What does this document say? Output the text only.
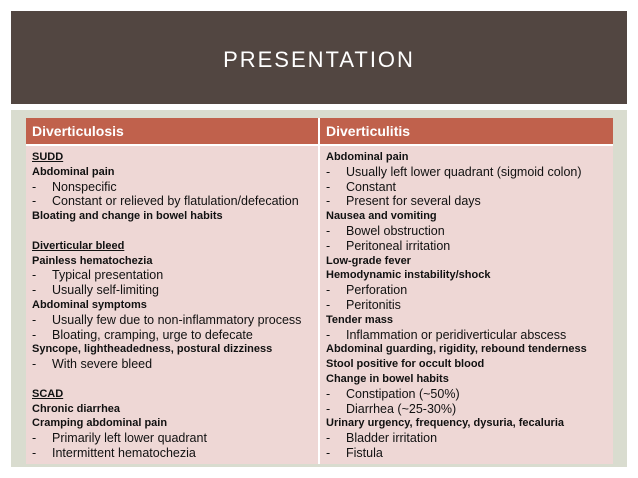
PRESENTATION
Diverticulosis	Diverticulitis
SUDD
Abdominal pain
- Nonspecific
- Constant or relieved by flatulation/defecation
Bloating and change in bowel habits
Diverticular bleed
Painless hematochezia
- Typical presentation
- Usually self-limiting
Abdominal symptoms
- Usually few due to non-inflammatory process
- Bloating, cramping, urge to defecate
Syncope, lightheadedness, postural dizziness
- With severe bleed
SCAD
Chronic diarrhea
Cramping abdominal pain
- Primarily left lower quadrant
- Intermittent hematochezia
Abdominal pain
- Usually left lower quadrant (sigmoid colon)
- Constant
- Present for several days
Nausea and vomiting
- Bowel obstruction
- Peritoneal irritation
Low-grade fever
Hemodynamic instability/shock
- Perforation
- Peritonitis
Tender mass
- Inflammation or peridiverticular abscess
Abdominal guarding, rigidity, rebound tenderness
Stool positive for occult blood
Change in bowel habits
- Constipation (~50%)
- Diarrhea (~25-30%)
Urinary urgency, frequency, dysuria, fecaluria
- Bladder irritation
- Fistula
